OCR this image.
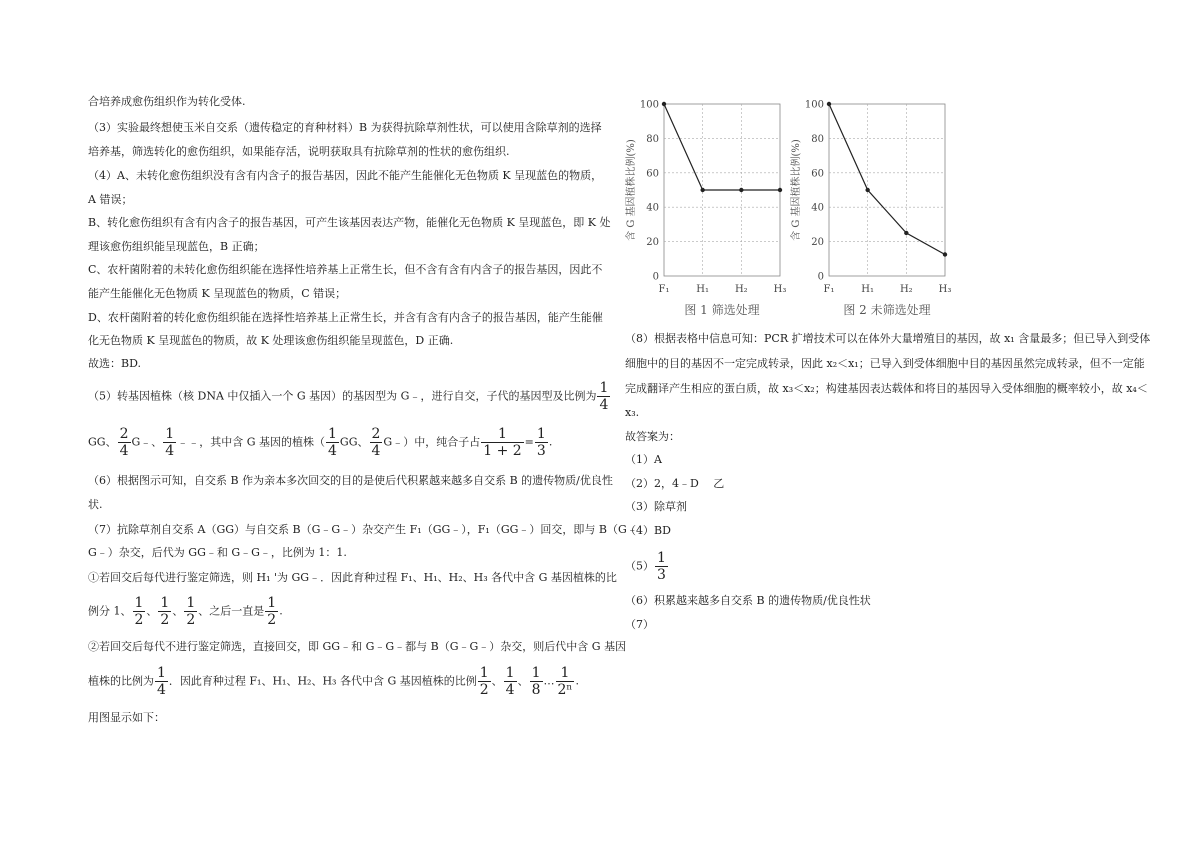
合培养成愈伤组织作为转化受体.
（3）实验最终想使玉米自交系（遗传稳定的育种材料）B 为获得抗除草剂性状，可以使用含除草剂的选择
培养基，筛选转化的愈伤组织，如果能存活，说明获取具有抗除草剂的性状的愈伤组织.
（4）A、未转化愈伤组织没有含有内含子的报告基因，因此不能产生能催化无色物质 K 呈现蓝色的物质，
A 错误；
B、转化愈伤组织有含有内含子的报告基因，可产生该基因表达产物，能催化无色物质 K 呈现蓝色，即 K 处
理该愈伤组织能呈现蓝色，B 正确；
C、农杆菌附着的未转化愈伤组织能在选择性培养基上正常生长，但不含有含有内含子的报告基因，因此不
能产生能催化无色物质 K 呈现蓝色的物质，C 错误；
D、农杆菌附着的转化愈伤组织能在选择性培养基上正常生长，并含有含有内含子的报告基因，能产生能催
化无色物质 K 呈现蓝色的物质，故 K 处理该愈伤组织能呈现蓝色，D 正确.
故选：BD.
（5）转基因植株（核 DNA 中仅插入一个 G 基因）的基因型为 G﹣，进行自交，子代的基因型及比例为 $\frac{1}{4}$
GG、 $\frac{2}{4}$ G﹣、 $\frac{1}{4}$ ﹣﹣，其中含 G 基因的植株（ $\frac{1}{4}$ GG、 $\frac{2}{4}$ G﹣）中，纯合子占 $\frac{1}{1 + 2} = \frac{1}{3}$ .
（6）根据图示可知，自交系 B 作为亲本多次回交的目的是使后代积累越来越多自交系 B 的遗传物质/优良性
状.
（7）抗除草剂自交系 A（GG）与自交系 B（G﹣G﹣）杂交产生 F₁（GG﹣），F₁（GG﹣）回交，即与 B（G﹣
G﹣）杂交，后代为 GG﹣和 G﹣G﹣，比例为 1：1.
①若回交后每代进行鉴定筛选，则 H₁ '为 GG﹣．因此育种过程 F₁、H₁、H₂、H₃ 各代中含 G 基因植株的比
例分 1、 $\frac{1}{2}$ 、 $\frac{1}{2}$ 、 $\frac{1}{2}$ 、之后一直是 $\frac{1}{2}$ .
②若回交后每代不进行鉴定筛选，直接回交，即 GG﹣和 G﹣G﹣都与 B（G﹣G﹣）杂交，则后代中含 G 基因
植株的比例为 $\frac{1}{4}$ ．因此育种过程 F₁、H₁、H₂、H₃ 各代中含 G 基因植株的比例 $\frac{1}{2}$ 、 $\frac{1}{4}$ 、 $\frac{1}{8}$ … $\frac{1}{\text{2ⁿ}}$ .
用图显示如下：
0
20
40
60
80
100
F₁	H₁	H₂	H₃
含 G 基因植株比例(%)
图 1 筛选处理
0
20
40
60
80
100
F₁	H₁	H₂	H₃
含 G 基因植株比例(%)
图 2 未筛选处理
（8）根据表格中信息可知：PCR 扩增技术可以在体外大量增殖目的基因，故 x₁ 含量最多；但已导入到受体
细胞中的目的基因不一定完成转录，因此 x₂＜x₁；已导入到受体细胞中目的基因虽然完成转录，但不一定能
完成翻译产生相应的蛋白质，故 x₃＜x₂；构建基因表达载体和将目的基因导入受体细胞的概率较小，故 x₄＜
x₃.
故答案为：
（1）A
（2）2，4﹣D　 乙
（3）除草剂
（4）BD
$(5) \frac{1}{3}$
（6）积累越来越多自交系 B 的遗传物质/优良性状
（7）
